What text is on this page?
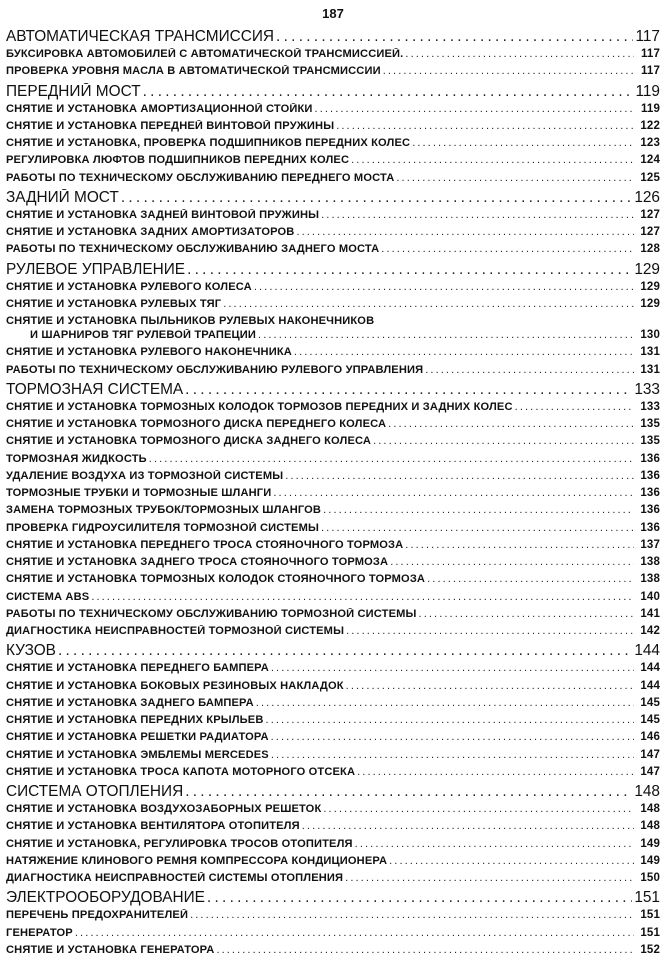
187
АВТОМАТИЧЕСКАЯ ТРАНСМИССИЯ . . .	117
БУКСИРОВКА АВТОМОБИЛЕЙ С АВТОМАТИЧЕСКОЙ ТРАНСМИССИЕЙ. . . .	117
ПРОВЕРКА УРОВНЯ МАСЛА В АВТОМАТИЧЕСКОЙ ТРАНСМИССИИ . . .	117
ПЕРЕДНИЙ МОСТ . . .	119
СНЯТИЕ И УСТАНОВКА АМОРТИЗАЦИОННОЙ СТОЙКИ . . .	119
СНЯТИЕ И УСТАНОВКА ПЕРЕДНЕЙ ВИНТОВОЙ ПРУЖИНЫ . . .	122
СНЯТИЕ И УСТАНОВКА, ПРОВЕРКА ПОДШИПНИКОВ ПЕРЕДНИХ КОЛЕС . . .	123
РЕГУЛИРОВКА ЛЮФТОВ ПОДШИПНИКОВ ПЕРЕДНИХ КОЛЕС . . .	124
РАБОТЫ ПО ТЕХНИЧЕСКОМУ ОБСЛУЖИВАНИЮ ПЕРЕДНЕГО МОСТА . . .	125
ЗАДНИЙ МОСТ . . .	126
СНЯТИЕ И УСТАНОВКА ЗАДНЕЙ ВИНТОВОЙ ПРУЖИНЫ . . .	127
СНЯТИЕ И УСТАНОВКА ЗАДНИХ АМОРТИЗАТОРОВ . . .	127
РАБОТЫ ПО ТЕХНИЧЕСКОМУ ОБСЛУЖИВАНИЮ ЗАДНЕГО МОСТА . . .	128
РУЛЕВОЕ УПРАВЛЕНИЕ . . .	129
СНЯТИЕ И УСТАНОВКА РУЛЕВОГО КОЛЕСА . . .	129
СНЯТИЕ И УСТАНОВКА РУЛЕВЫХ ТЯГ . . .	129
СНЯТИЕ И УСТАНОВКА ПЫЛЬНИКОВ РУЛЕВЫХ НАКОНЕЧНИКОВ
И ШАРНИРОВ ТЯГ РУЛЕВОЙ ТРАПЕЦИИ . . .	130
СНЯТИЕ И УСТАНОВКА РУЛЕВОГО НАКОНЕЧНИКА . . .	131
РАБОТЫ ПО ТЕХНИЧЕСКОМУ ОБСЛУЖИВАНИЮ РУЛЕВОГО УПРАВЛЕНИЯ . . .	131
ТОРМОЗНАЯ СИСТЕМА . . .	133
СНЯТИЕ И УСТАНОВКА ТОРМОЗНЫХ КОЛОДОК ТОРМОЗОВ ПЕРЕДНИХ И ЗАДНИХ КОЛЕС . . .	133
СНЯТИЕ И УСТАНОВКА ТОРМОЗНОГО ДИСКА ПЕРЕДНЕГО КОЛЕСА . . .	135
СНЯТИЕ И УСТАНОВКА ТОРМОЗНОГО ДИСКА ЗАДНЕГО КОЛЕСА . . .	135
ТОРМОЗНАЯ ЖИДКОСТЬ . . .	136
УДАЛЕНИЕ ВОЗДУХА ИЗ ТОРМОЗНОЙ СИСТЕМЫ . . .	136
ТОРМОЗНЫЕ ТРУБКИ И ТОРМОЗНЫЕ ШЛАНГИ . . .	136
ЗАМЕНА ТОРМОЗНЫХ ТРУБОК/ТОРМОЗНЫХ ШЛАНГОВ . . .	136
ПРОВЕРКА ГИДРОУСИЛИТЕЛЯ ТОРМОЗНОЙ СИСТЕМЫ . . .	136
СНЯТИЕ И УСТАНОВКА ПЕРЕДНЕГО ТРОСА СТОЯНОЧНОГО ТОРМОЗА . . .	137
СНЯТИЕ И УСТАНОВКА ЗАДНЕГО ТРОСА СТОЯНОЧНОГО ТОРМОЗА . . .	138
СНЯТИЕ И УСТАНОВКА ТОРМОЗНЫХ КОЛОДОК СТОЯНОЧНОГО ТОРМОЗА . . .	138
СИСТЕМА ABS . . .	140
РАБОТЫ ПО ТЕХНИЧЕСКОМУ ОБСЛУЖИВАНИЮ ТОРМОЗНОЙ СИСТЕМЫ . . .	141
ДИАГНОСТИКА НЕИСПРАВНОСТЕЙ ТОРМОЗНОЙ СИСТЕМЫ . . .	142
КУЗОВ . . .	144
СНЯТИЕ И УСТАНОВКА ПЕРЕДНЕГО БАМПЕРА . . .	144
СНЯТИЕ И УСТАНОВКА БОКОВЫХ РЕЗИНОВЫХ НАКЛАДОК . . .	144
СНЯТИЕ И УСТАНОВКА ЗАДНЕГО БАМПЕРА . . .	145
СНЯТИЕ И УСТАНОВКА ПЕРЕДНИХ КРЫЛЬЕВ . . .	145
СНЯТИЕ И УСТАНОВКА РЕШЕТКИ РАДИАТОРА . . .	146
СНЯТИЕ И УСТАНОВКА ЭМБЛЕМЫ MERCEDES . . .	147
СНЯТИЕ И УСТАНОВКА ТРОСА КАПОТА МОТОРНОГО ОТСЕКА . . .	147
СИСТЕМА ОТОПЛЕНИЯ . . .	148
СНЯТИЕ И УСТАНОВКА ВОЗДУХОЗАБОРНЫХ РЕШЕТОК . . .	148
СНЯТИЕ И УСТАНОВКА ВЕНТИЛЯТОРА ОТОПИТЕЛЯ . . .	148
СНЯТИЕ И УСТАНОВКА, РЕГУЛИРОВКА ТРОСОВ ОТОПИТЕЛЯ . . .	149
НАТЯЖЕНИЕ КЛИНОВОГО РЕМНЯ КОМПРЕССОРА КОНДИЦИОНЕРА . . .	149
ДИАГНОСТИКА НЕИСПРАВНОСТЕЙ СИСТЕМЫ ОТОПЛЕНИЯ . . .	150
ЭЛЕКТРООБОРУДОВАНИЕ . . .	151
ПЕРЕЧЕНЬ ПРЕДОХРАНИТЕЛЕЙ . . .	151
ГЕНЕРАТОР . . .	151
СНЯТИЕ И УСТАНОВКА ГЕНЕРАТОРА . . .	152
